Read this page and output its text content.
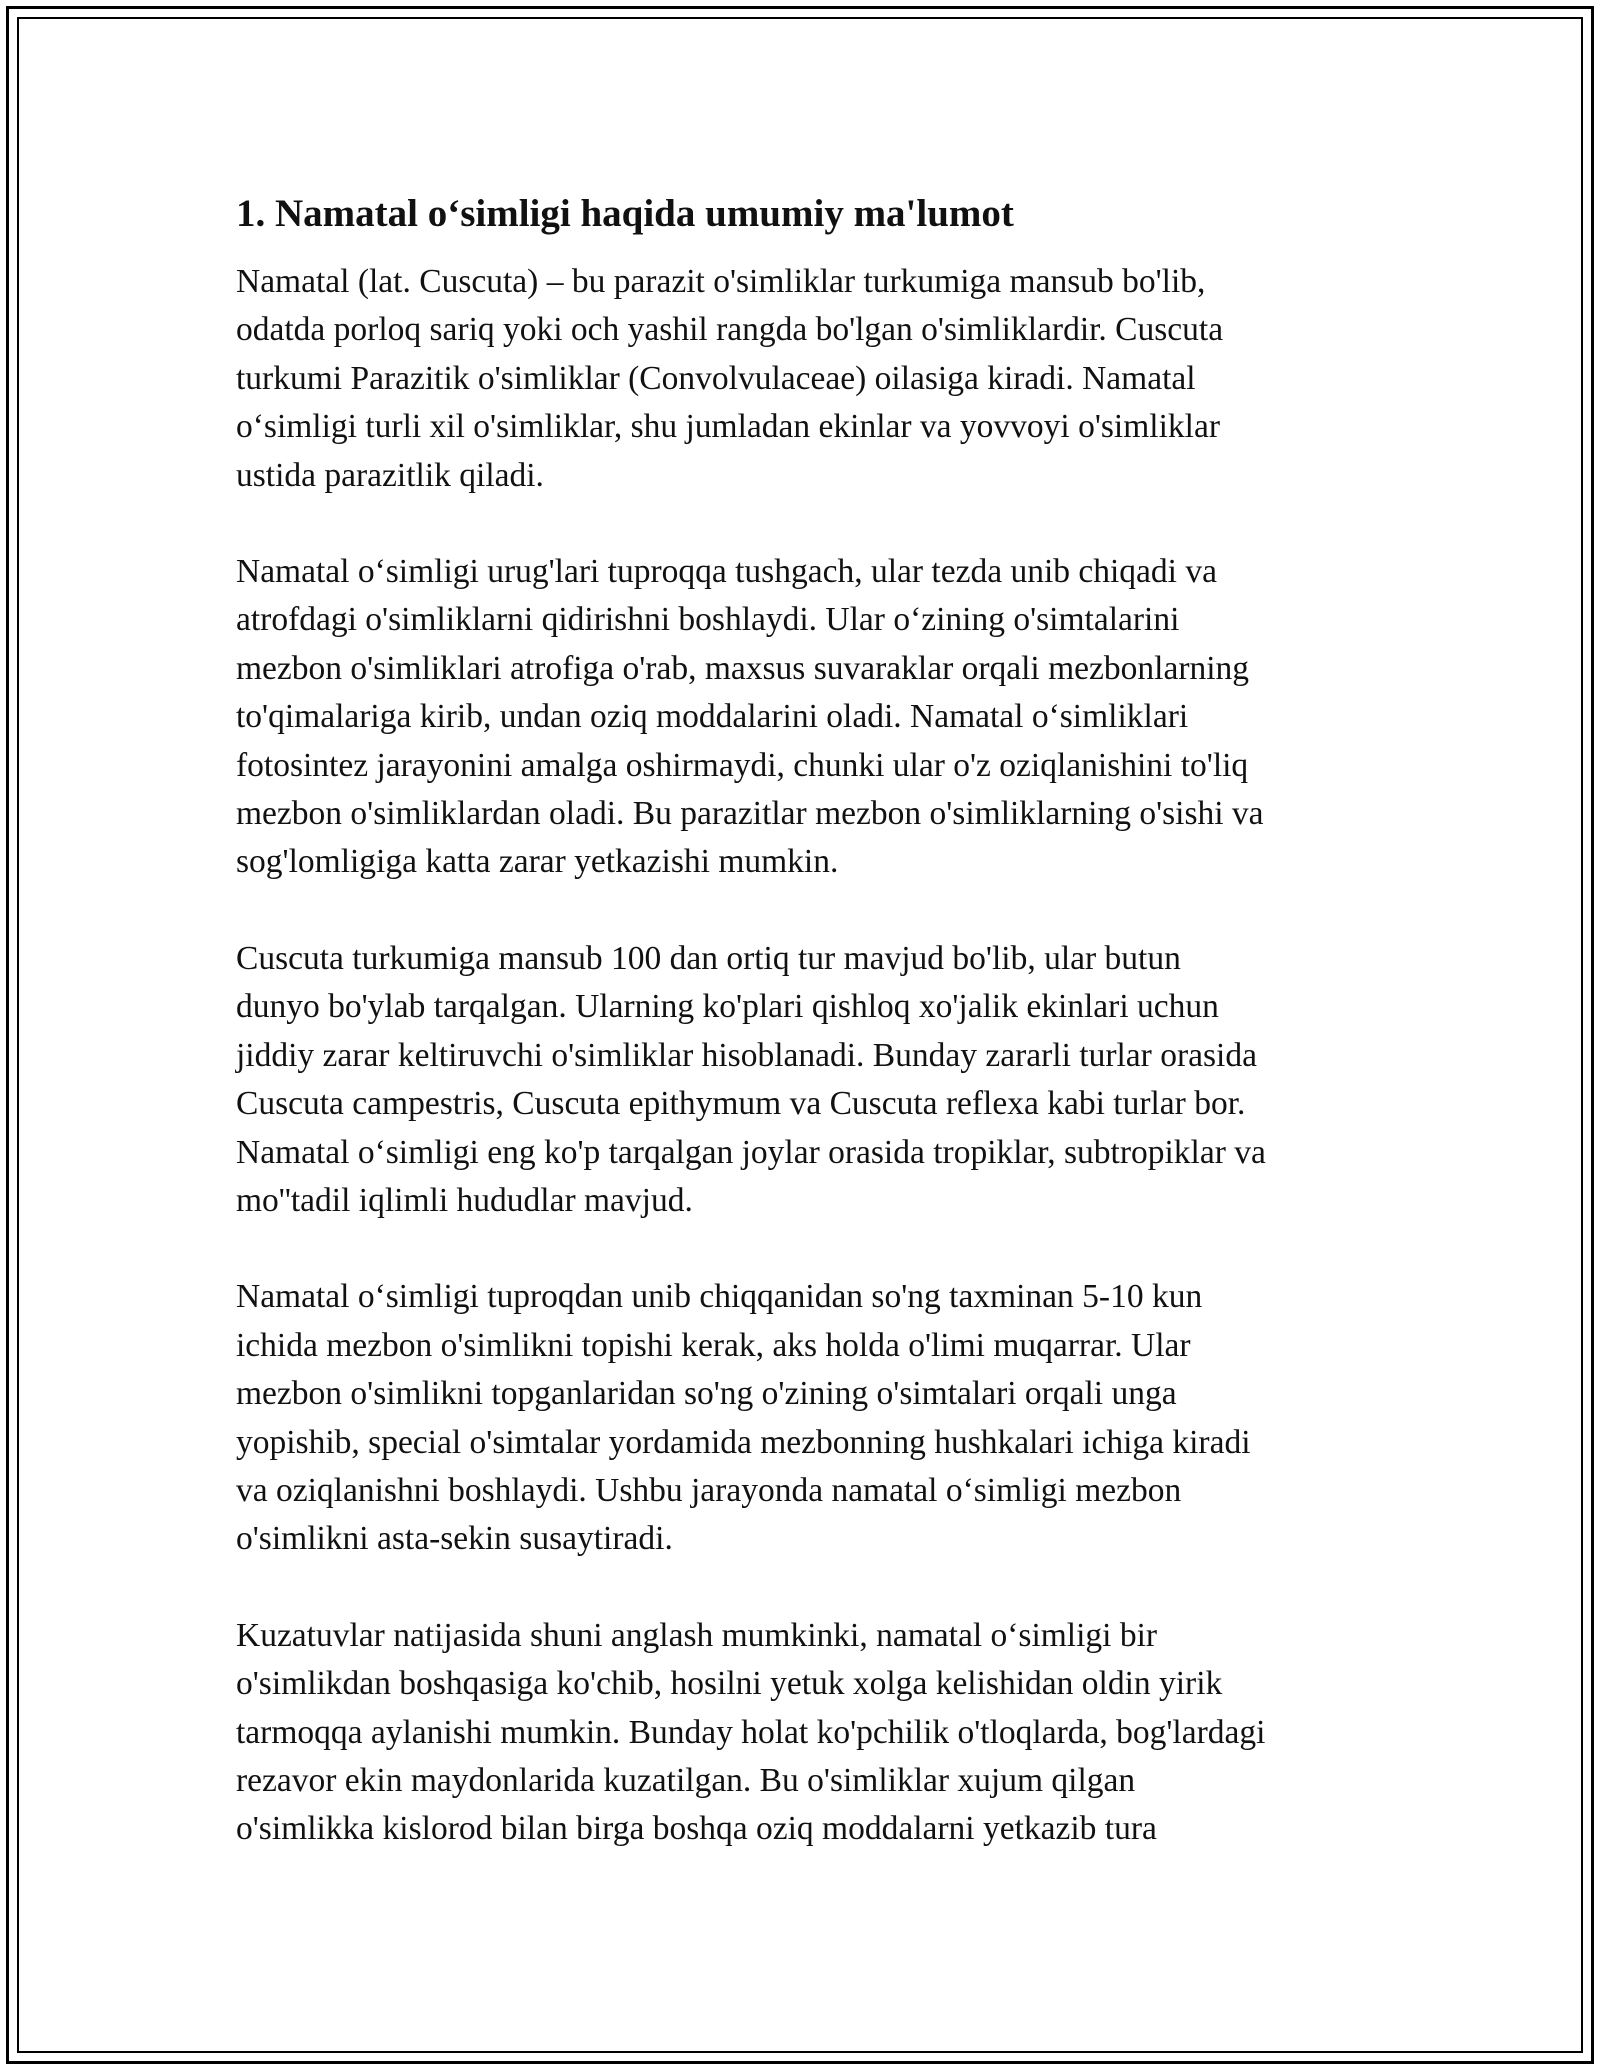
1. Namatal o‘simligi haqida umumiy ma'lumot

Namatal (lat. Cuscuta) – bu parazit o'simliklar turkumiga mansub bo'lib,
odatda porloq sariq yoki och yashil rangda bo'lgan o'simliklardir. Cuscuta
turkumi Parazitik o'simliklar (Convolvulaceae) oilasiga kiradi. Namatal
o‘simligi turli xil o'simliklar, shu jumladan ekinlar va yovvoyi o'simliklar
ustida parazitlik qiladi.

Namatal o‘simligi urug'lari tuproqqa tushgach, ular tezda unib chiqadi va
atrofdagi o'simliklarni qidirishni boshlaydi. Ular o‘zining o'simtalarini
mezbon o'simliklari atrofiga o'rab, maxsus suvaraklar orqali mezbonlarning
to'qimalariga kirib, undan oziq moddalarini oladi. Namatal o‘simliklari
fotosintez jarayonini amalga oshirmaydi, chunki ular o'z oziqlanishini to'liq
mezbon o'simliklardan oladi. Bu parazitlar mezbon o'simliklarning o'sishi va
sog'lomligiga katta zarar yetkazishi mumkin.

Cuscuta turkumiga mansub 100 dan ortiq tur mavjud bo'lib, ular butun
dunyo bo'ylab tarqalgan. Ularning ko'plari qishloq xo'jalik ekinlari uchun
jiddiy zarar keltiruvchi o'simliklar hisoblanadi. Bunday zararli turlar orasida
Cuscuta campestris, Cuscuta epithymum va Cuscuta reflexa kabi turlar bor.
Namatal o‘simligi eng ko'p tarqalgan joylar orasida tropiklar, subtropiklar va
mo''tadil iqlimli hududlar mavjud.

Namatal o‘simligi tuproqdan unib chiqqanidan so'ng taxminan 5-10 kun
ichida mezbon o'simlikni topishi kerak, aks holda o'limi muqarrar. Ular
mezbon o'simlikni topganlaridan so'ng o'zining o'simtalari orqali unga
yopishib, special o'simtalar yordamida mezbonning hushkalari ichiga kiradi
va oziqlanishni boshlaydi. Ushbu jarayonda namatal o‘simligi mezbon
o'simlikni asta-sekin susaytiradi.

Kuzatuvlar natijasida shuni anglash mumkinki, namatal o‘simligi bir
o'simlikdan boshqasiga ko'chib, hosilni yetuk xolga kelishidan oldin yirik
tarmoqqa aylanishi mumkin. Bunday holat ko'pchilik o'tloqlarda, bog'lardagi
rezavor ekin maydonlarida kuzatilgan. Bu o'simliklar xujum qilgan
o'simlikka kislorod bilan birga boshqa oziq moddalarni yetkazib tura
